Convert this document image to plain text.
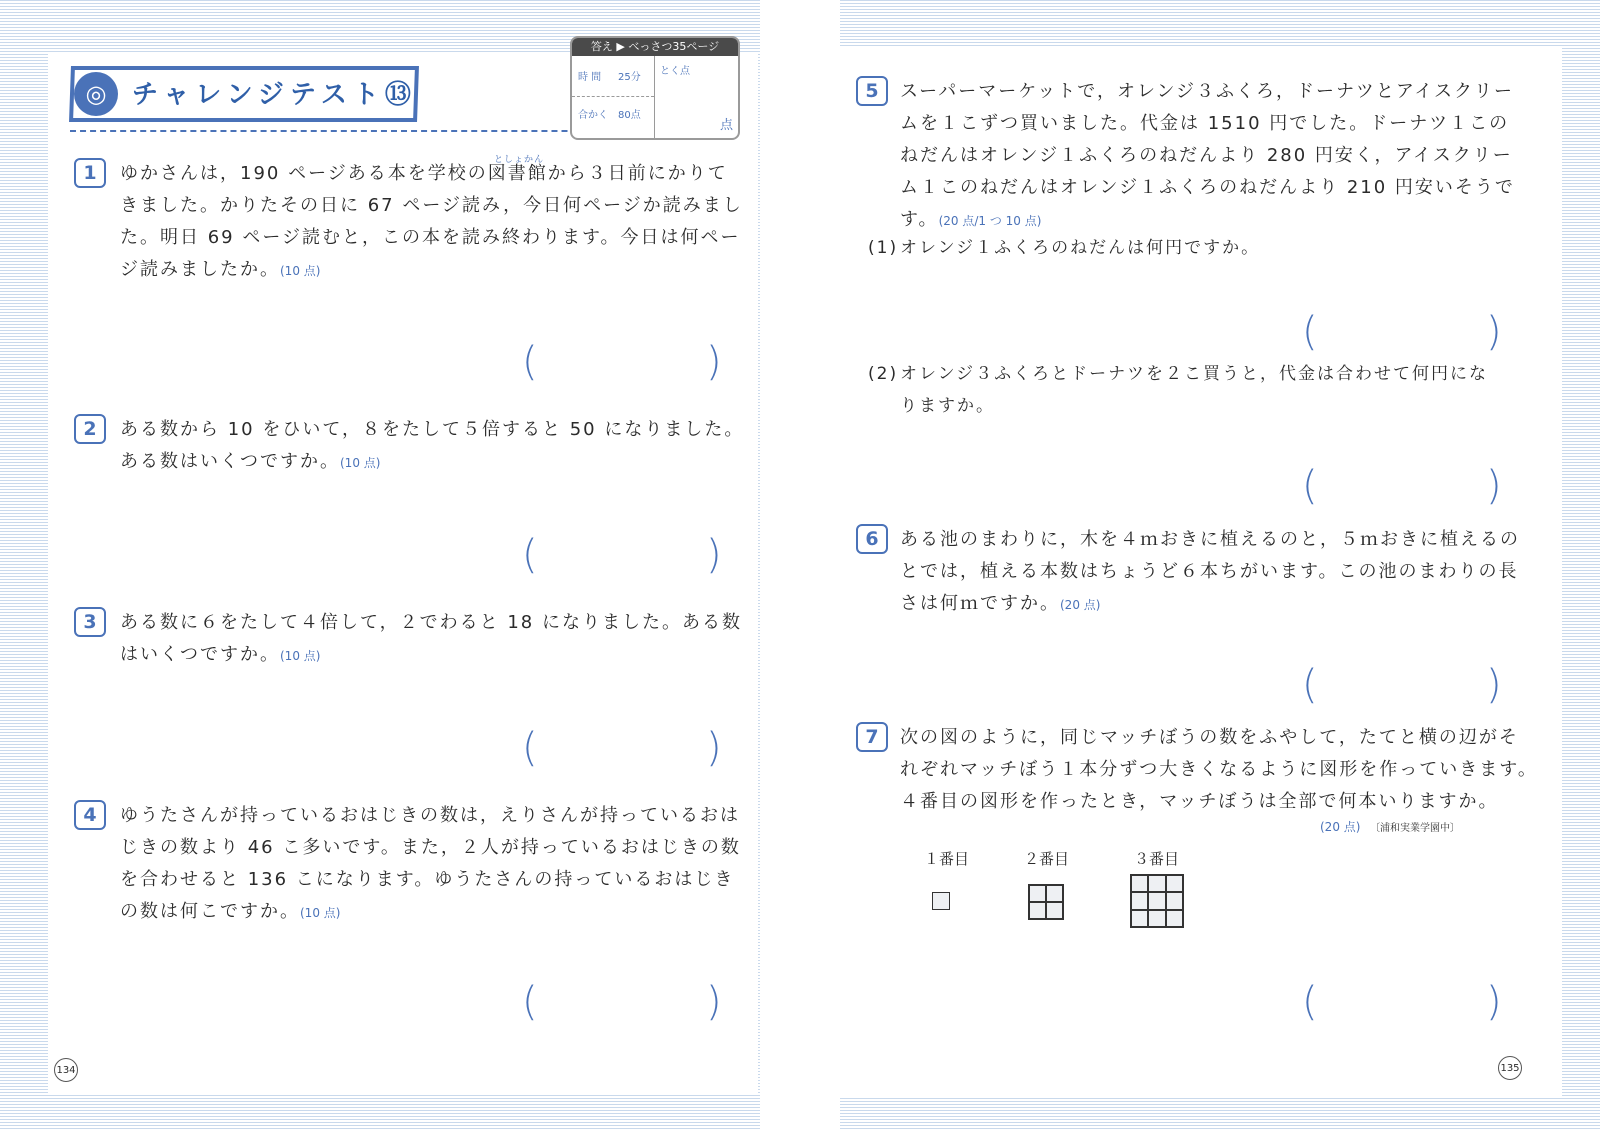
◎ チャレンジテスト⑬
答え ▶ べっさつ35ページ
時 間 25分
合かく 80点
とく点
点
1
としょかん
ゆかさんは，190 ページある本を学校の図書館から３日前にかりて
きました。かりたその日に 67 ページ読み，今日何ページか読みまし
た。明日 69 ページ読むと，この本を読み終わります。今日は何ペー
ジ読みましたか。(10 点)
(	)
2	ある数から 10 をひいて，８をたして５倍すると 50 になりました。
ある数はいくつですか。(10 点)
(	)
3	ある数に６をたして４倍して，２でわると 18 になりました。ある数
はいくつですか。(10 点)
(	)
4	ゆうたさんが持っているおはじきの数は，えりさんが持っているおは
じきの数より 46 こ多いです。また，２人が持っているおはじきの数
を合わせると 136 こになります。ゆうたさんの持っているおはじき
の数は何こですか。(10 点)
(	)
134
5	スーパーマーケットで，オレンジ３ふくろ，ドーナツとアイスクリー
ムを１こずつ買いました。代金は 1510 円でした。ドーナツ１この
ねだんはオレンジ１ふくろのねだんより 280 円安く，アイスクリー
ム１このねだんはオレンジ１ふくろのねだんより 210 円安いそうで
す。(20 点/1 つ 10 点)
(1) オレンジ１ふくろのねだんは何円ですか。
(	)
(2) オレンジ３ふくろとドーナツを２こ買うと，代金は合わせて何円にな
りますか。
(	)
6	ある池のまわりに，木を４ｍおきに植えるのと，５ｍおきに植えるの
とでは，植える本数はちょうど６本ちがいます。この池のまわりの長
さは何ｍですか。(20 点)
(	)
7	次の図のように，同じマッチぼうの数をふやして，たてと横の辺がそ
れぞれマッチぼう１本分ずつ大きくなるように図形を作っていきます。
４番目の図形を作ったとき，マッチぼうは全部で何本いりますか。
(20 点) 〔浦和実業学園中〕
１番目	２番目	３番目
(	)
135
